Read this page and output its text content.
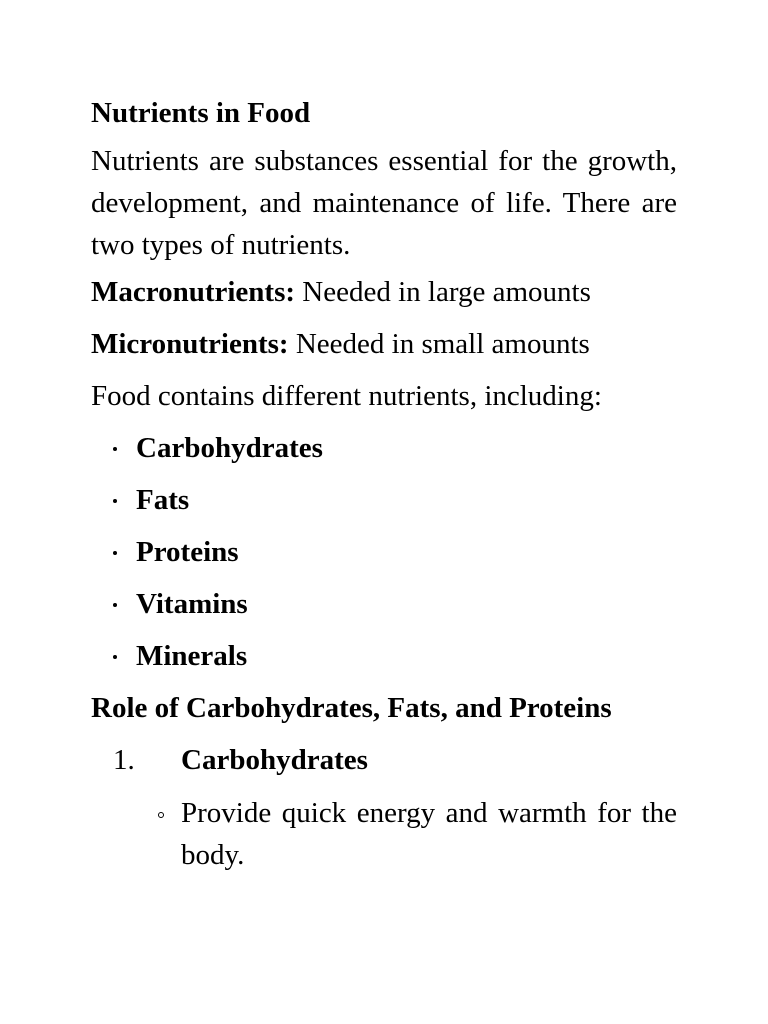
Nutrients in Food
Nutrients are substances essential for the growth, development, and maintenance of life. There are two types of nutrients.
Macronutrients: Needed in large amounts
Micronutrients: Needed in small amounts
Food contains different nutrients, including:
Carbohydrates
Fats
Proteins
Vitamins
Minerals
Role of Carbohydrates, Fats, and Proteins
1. Carbohydrates
Provide quick energy and warmth for the body.
